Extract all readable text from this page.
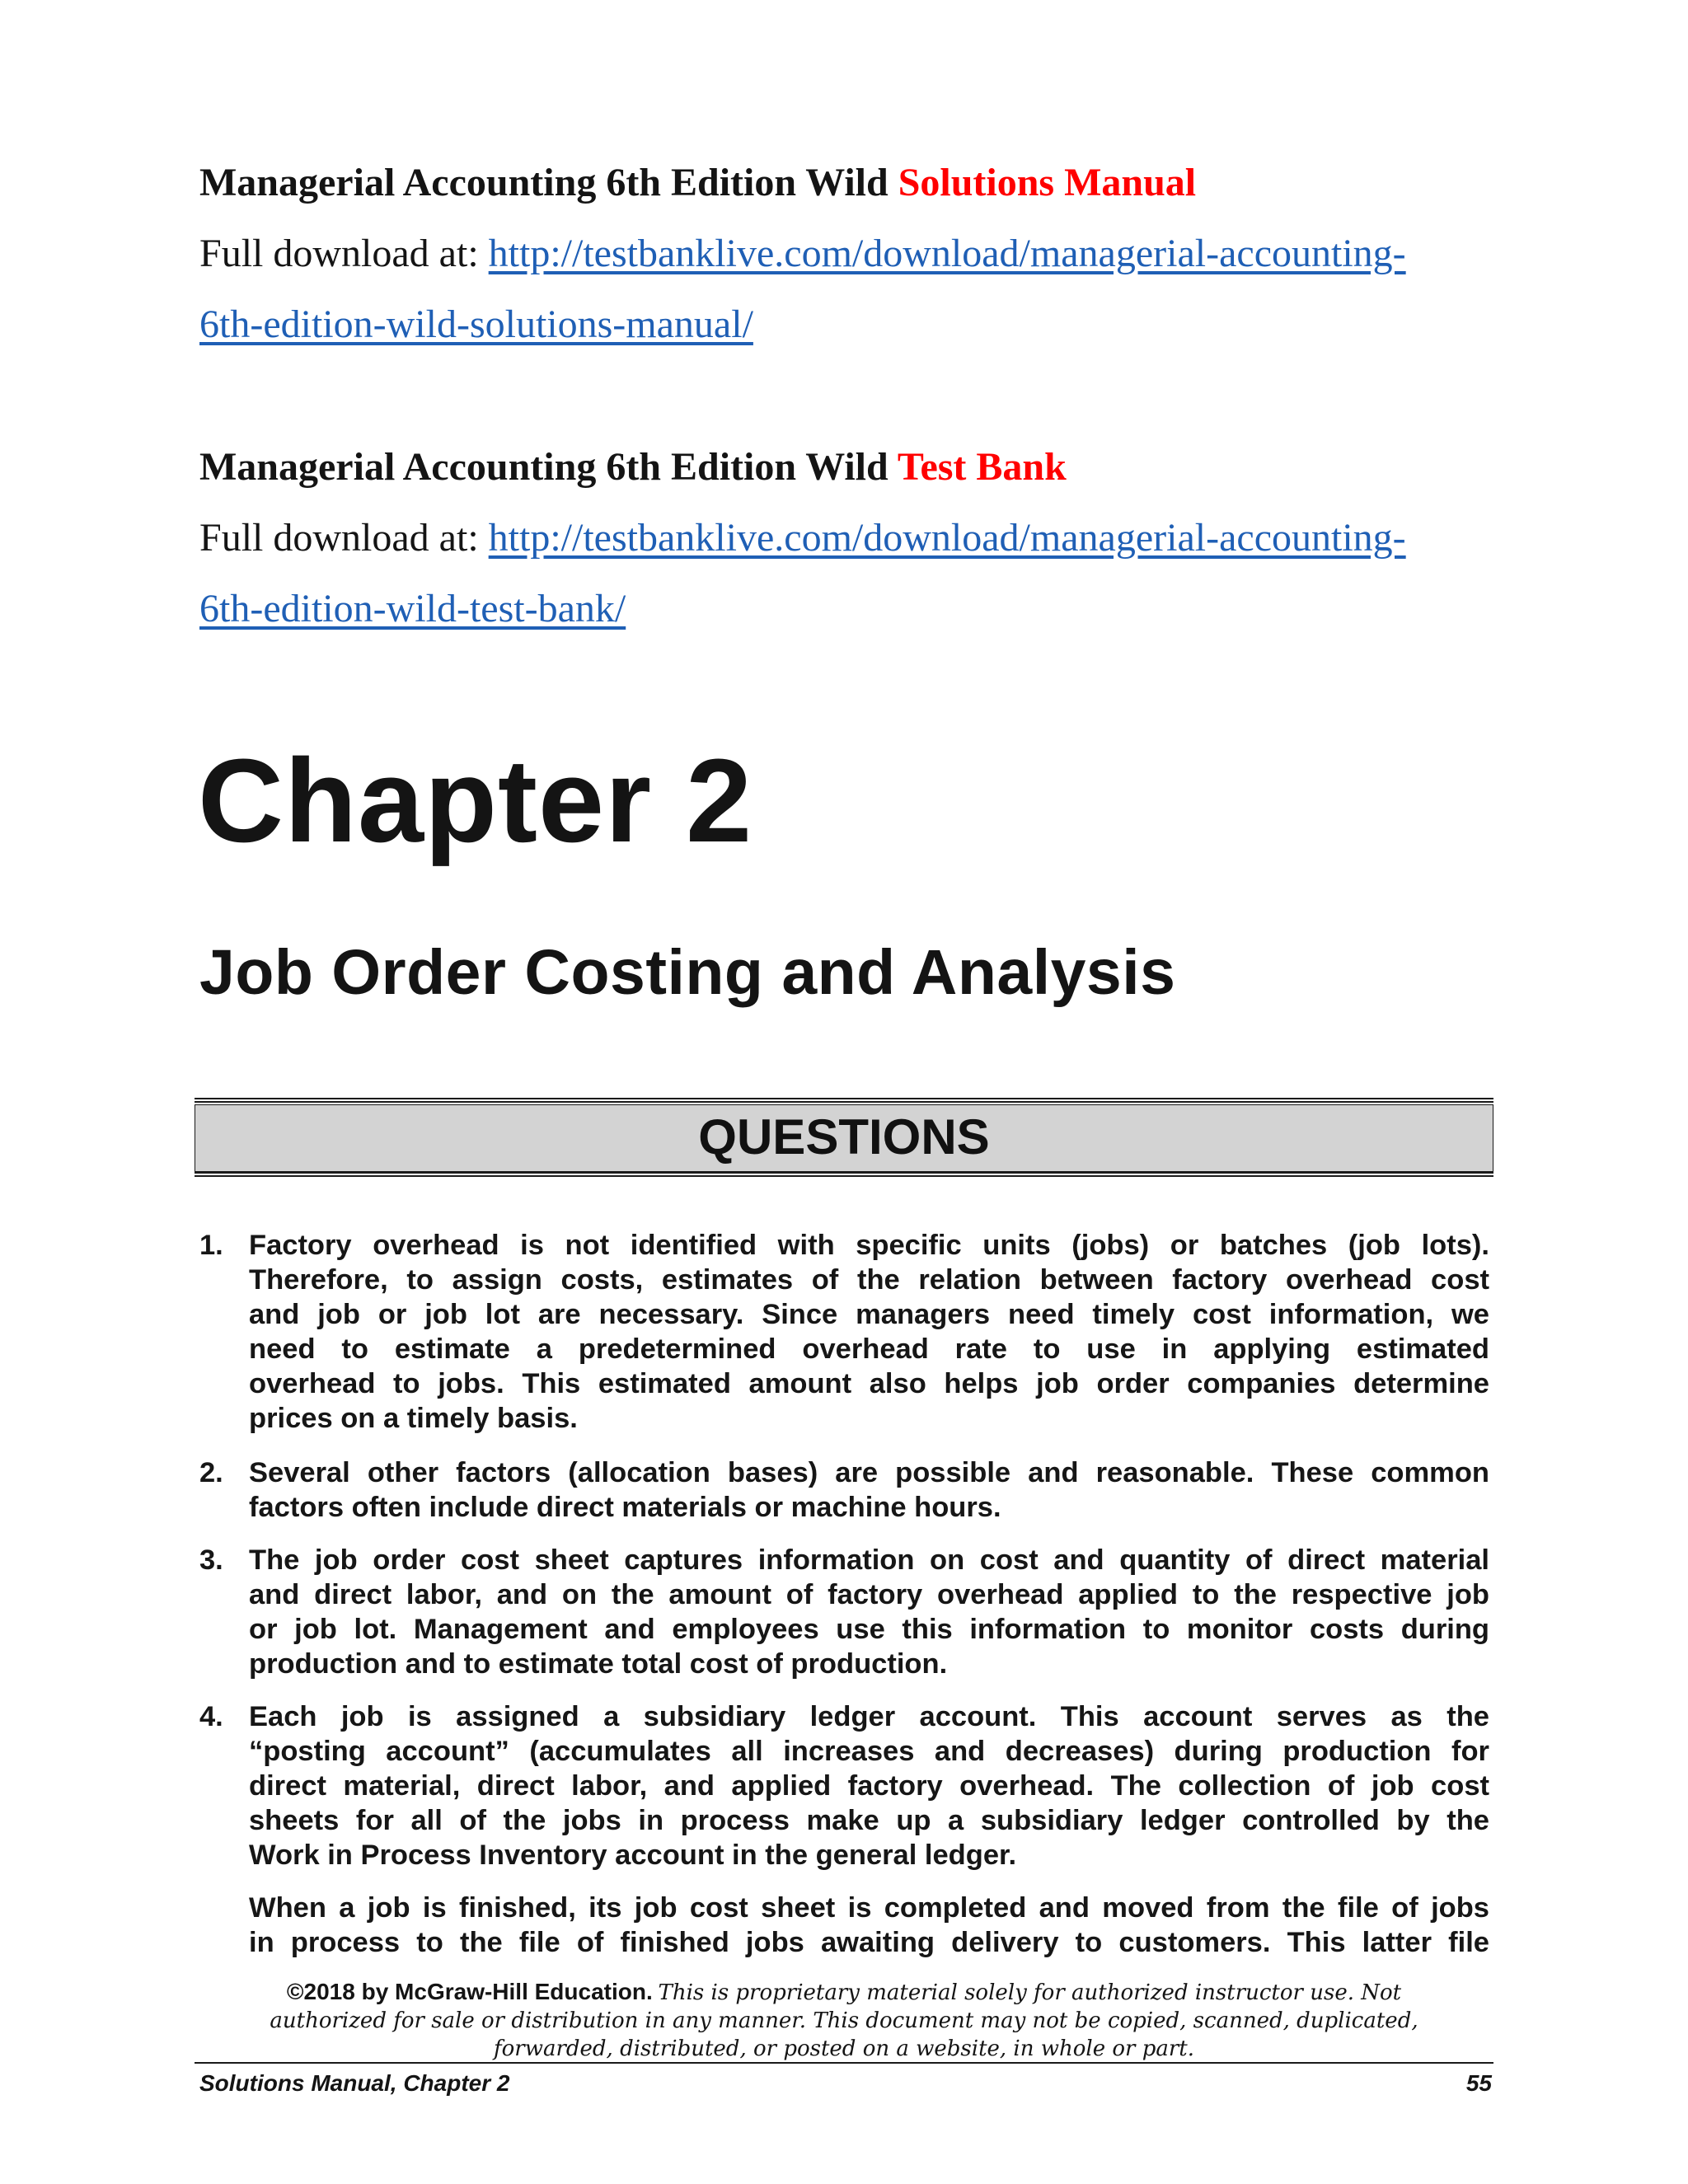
Managerial Accounting 6th Edition Wild Solutions Manual
Full download at: http://testbanklive.com/download/managerial-accounting-
6th-edition-wild-solutions-manual/
Managerial Accounting 6th Edition Wild Test Bank
Full download at: http://testbanklive.com/download/managerial-accounting-
6th-edition-wild-test-bank/
Chapter 2
Job Order Costing and Analysis
QUESTIONS
1. Factory overhead is not identified with specific units (jobs) or batches (job lots).
Therefore, to assign costs, estimates of the relation between factory overhead cost
and job or job lot are necessary. Since managers need timely cost information, we
need to estimate a predetermined overhead rate to use in applying estimated
overhead to jobs. This estimated amount also helps job order companies determine
prices on a timely basis.
2. Several other factors (allocation bases) are possible and reasonable. These common
factors often include direct materials or machine hours.
3. The job order cost sheet captures information on cost and quantity of direct material
and direct labor, and on the amount of factory overhead applied to the respective job
or job lot. Management and employees use this information to monitor costs during
production and to estimate total cost of production.
4. Each job is assigned a subsidiary ledger account. This account serves as the
“posting account” (accumulates all increases and decreases) during production for
direct material, direct labor, and applied factory overhead. The collection of job cost
sheets for all of the jobs in process make up a subsidiary ledger controlled by the
Work in Process Inventory account in the general ledger.
When a job is finished, its job cost sheet is completed and moved from the file of jobs
in process to the file of finished jobs awaiting delivery to customers. This latter file
©2018 by McGraw-Hill Education. This is proprietary material solely for authorized instructor use. Not
authorized for sale or distribution in any manner. This document may not be copied, scanned, duplicated,
forwarded, distributed, or posted on a website, in whole or part.
Solutions Manual, Chapter 2	55
